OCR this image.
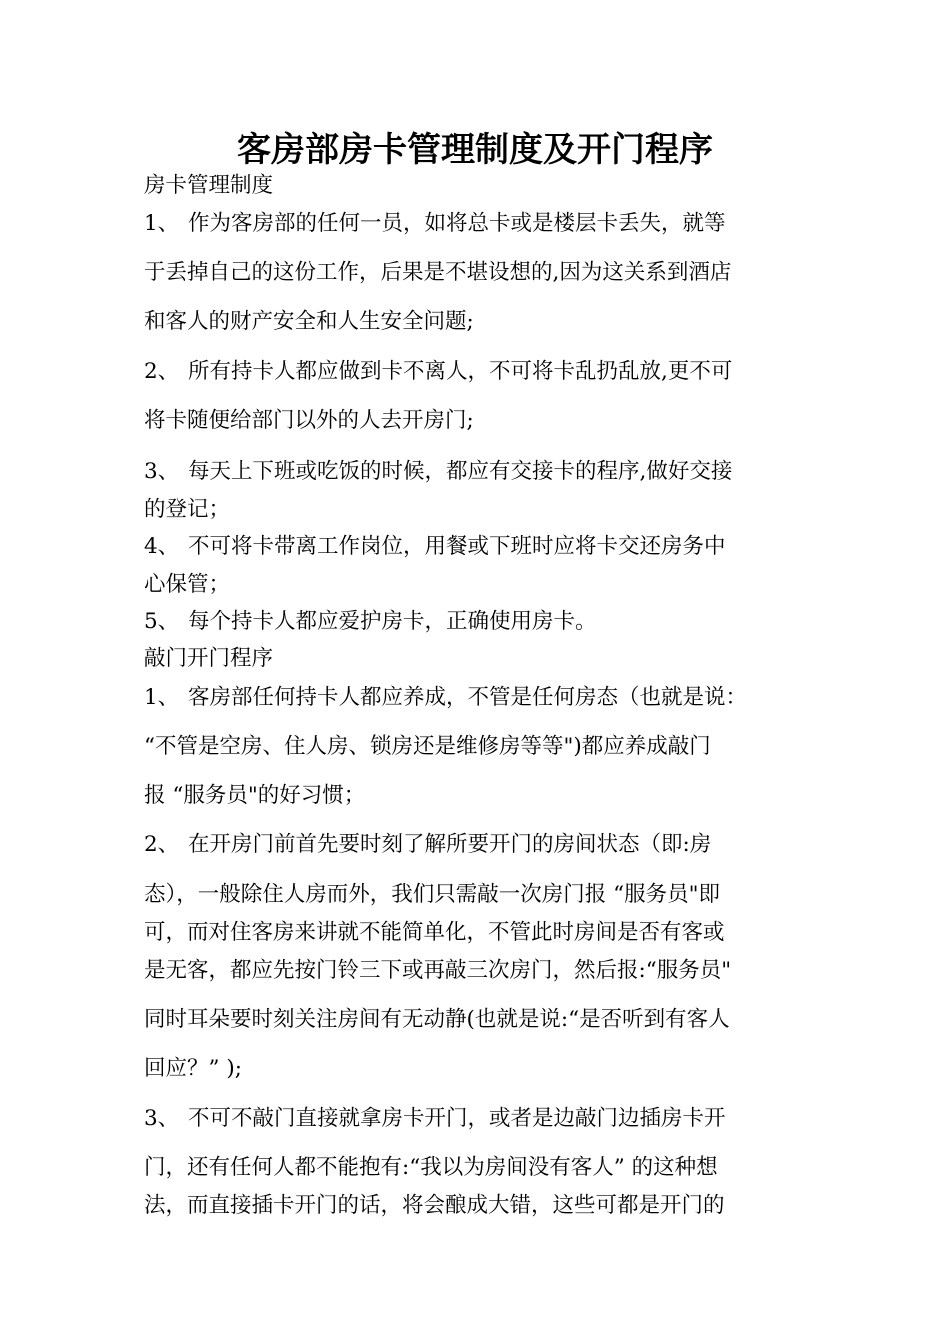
客房部房卡管理制度及开门程序
房卡管理制度
1、 作为客房部的任何一员，如将总卡或是楼层卡丢失，就等
于丢掉自己的这份工作，后果是不堪设想的,因为这关系到酒店
和客人的财产安全和人生安全问题;
2、 所有持卡人都应做到卡不离人，不可将卡乱扔乱放,更不可
将卡随便给部门以外的人去开房门;
3、 每天上下班或吃饭的时候，都应有交接卡的程序,做好交接
的登记；
4、 不可将卡带离工作岗位，用餐或下班时应将卡交还房务中
心保管；
5、 每个持卡人都应爱护房卡，正确使用房卡。
敲门开门程序
1、 客房部任何持卡人都应养成，不管是任何房态（也就是说：
“不管是空房、住人房、锁房还是维修房等等")都应养成敲门
报 “服务员"的好习惯；
2、 在开房门前首先要时刻了解所要开门的房间状态（即:房
态），一般除住人房而外，我们只需敲一次房门报 “服务员"即
可，而对住客房来讲就不能简单化，不管此时房间是否有客或
是无客，都应先按门铃三下或再敲三次房门，然后报:“服务员"
同时耳朵要时刻关注房间有无动静(也就是说:“是否听到有客人
回应？” );
3、 不可不敲门直接就拿房卡开门，或者是边敲门边插房卡开
门，还有任何人都不能抱有:“我以为房间没有客人” 的这种想
法，而直接插卡开门的话，将会酿成大错，这些可都是开门的
